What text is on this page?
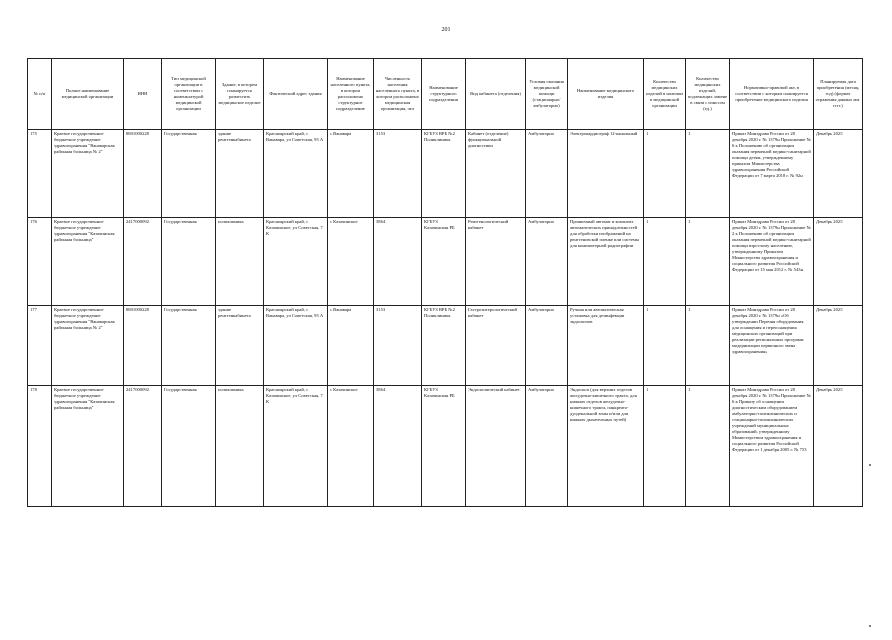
201
№ п/п	Полное наименование медицинской организации	ИНН	Тип медицинской организации в соответствии с номенклатурой медицинской организации	Здание, в котором планируется разместить медицинское изделие	Фактический адрес здания	Наименование населенного пункта, в котором расположено структурное подразделение	Численность населения населенного пункта, в котором расположена медицинская организация, чел	Наименование структурного подразделения	Вид кабинета (отделения)	Условия оказания медицинской помощи (стационарно/ амбулаторно)	Наименование медицинского изделия	Количество медицинских изделий в наличии в медицинской организации	Количество медицинских изделий, подлежащих замене в связи с износом (ед.)	Нормативно-правовой акт, в соответствии с которым планируется приобретение медицинского изделия	Планируемая дата приобретения (месяц, год) (формат отражения данных мм. гггг.)
175	Краевое государственное бюджетное учреждение здравоохранения "Ванаварская районная больница № 2"	8801000228	Государственная	здание рентгенкабинета	Красноярский край, с Ванавара, ул Советская, 95 А	с Ванавара	3153	КГБУЗ ВРБ №2 Поликлиника	Кабинет (отделение) функциональной диагностики	Амбулаторно	Электрокардиограф 12-канальный	1	1	Приказ Минздрава России от 28 декабря 2020 г. № 1379н Приложение № 6 к Положению об организации оказания первичной медико-санитарной помощи детям, утвержденному приказом Министерства здравоохранения Российской Федерации от 7 марта 2018 г. № 92н	Декабрь 2025
176	Краевое государственное бюджетное учреждение здравоохранения "Казачинская районная больница"	2417000092	Государственная	поликлиника	Красноярский край, с Казачинское, ул Советская, 7 К	с Казачинское	3864	КГБУЗ Казачинская РБ	Рентгенологический кабинет	Амбулаторно	Проявочный автомат и комплект автоматических принадлежностей для обработки изображений на рентгеновской пленке или системы для компьютерной радиографии	1	1	Приказ Минздрава России от 28 декабря 2020 г. № 1379н Приложение № 2 к Положению об организации оказания первичной медико-санитарной помощи взрослому населению, утвержденному Приказом Министерства здравоохранения и социального развития Российской Федерации от 15 мая 2012 г. № 543н	Декабрь 2025
177	Краевое государственное бюджетное учреждение здравоохранения "Ванаварская районная больница № 2"	8801000228	Государственная	здание рентгенкабинета	Красноярский край, с Ванавара, ул Советская, 95 А	с Ванавара	3153	КГБУЗ ВРБ №2 Поликлиника	Гастроэнтерологический кабинет	Амбулаторно	Ручная или автоматическая установка для дезинфекции эндоскопов	1	1	Приказ Минздрава России от 28 декабря 2020 г. № 1379н «Об утверждении Перечня оборудования для оснащения и переоснащения медицинских организаций при реализации региональных программ модернизации первичного звена здравоохранения»	Декабрь 2025
178	Краевое государственное бюджетное учреждение здравоохранения "Казачинская районная больница"	2417000092	Государственная	поликлиника	Красноярский край, с Казачинское, ул Советская, 7 К	с Казачинское	3864	КГБУЗ Казачинская РБ	Эндоскопический кабинет	Амбулаторно	Эндоскоп (для верхних отделов желудочно-кишечного тракта, для нижних отделов желудочно-кишечного тракта, панкреато-дуоденальной зоны и/или для нижних дыхательных путей)	1	1	Приказ Минздрава России от 28 декабря 2020 г. № 1379н Приложение № 6 к Приказу об оснащении диагностическим оборудованием амбулаторно-поликлинических и стационарно-поликлинических учреждений муниципальных образований, утвержденному Министерством здравоохранения и социального развития Российской Федерации от 1 декабря 2005 г. № 753	Декабрь 2025
